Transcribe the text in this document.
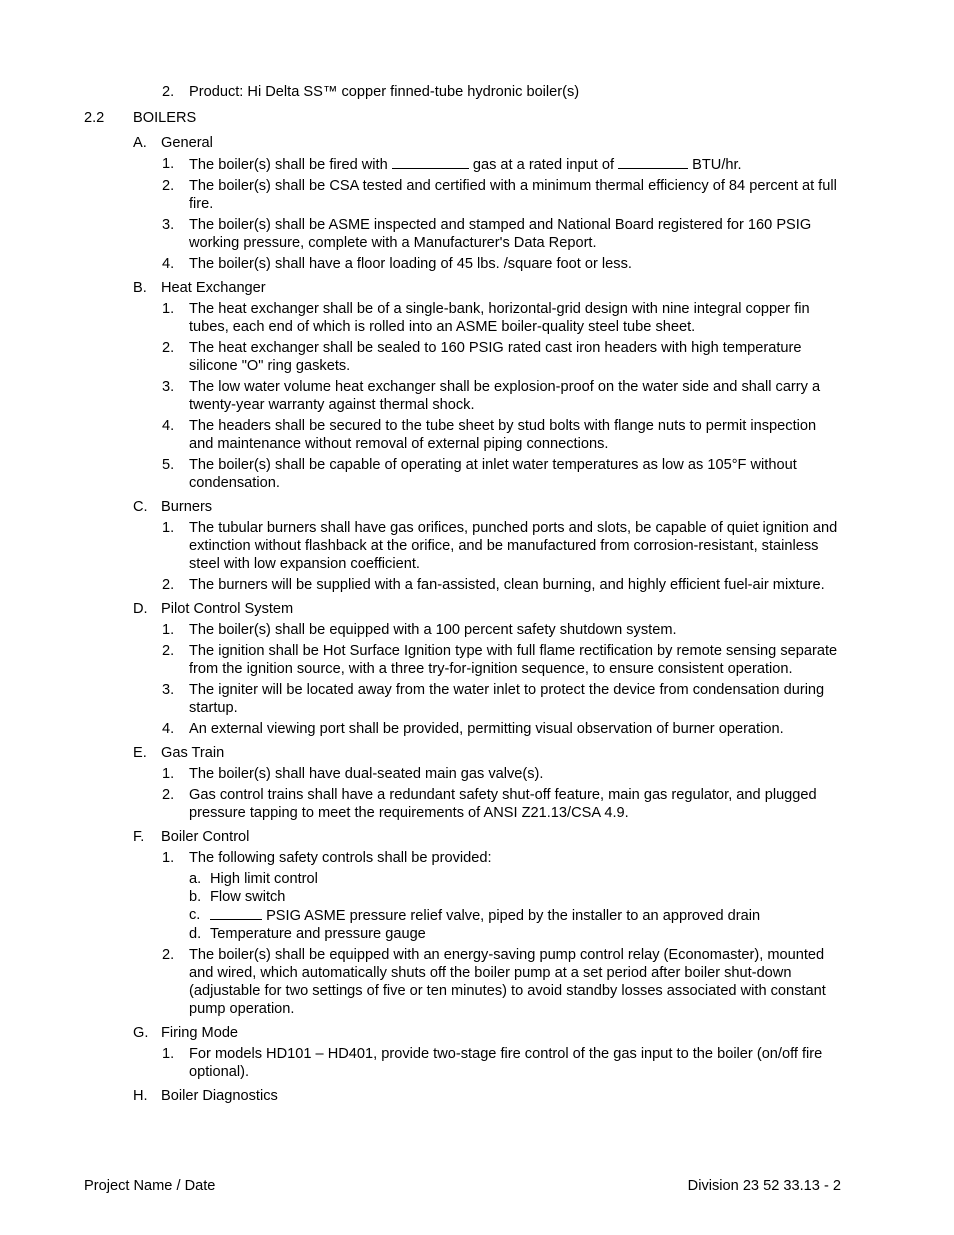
2. Product: Hi Delta SS™ copper finned-tube hydronic boiler(s)
2.2 BOILERS
A. General
1. The boiler(s) shall be fired with	gas at a rated input of	BTU/hr.
2. The boiler(s) shall be CSA tested and certified with a minimum thermal efficiency of 84 percent at full fire.
3. The boiler(s) shall be ASME inspected and stamped and National Board registered for 160 PSIG working pressure, complete with a Manufacturer's Data Report.
4. The boiler(s) shall have a floor loading of 45 lbs. /square foot or less.
B. Heat Exchanger
1. The heat exchanger shall be of a single-bank, horizontal-grid design with nine integral copper fin tubes, each end of which is rolled into an ASME boiler-quality steel tube sheet.
2. The heat exchanger shall be sealed to 160 PSIG rated cast iron headers with high temperature silicone "O" ring gaskets.
3. The low water volume heat exchanger shall be explosion-proof on the water side and shall carry a twenty-year warranty against thermal shock.
4. The headers shall be secured to the tube sheet by stud bolts with flange nuts to permit inspection and maintenance without removal of external piping connections.
5. The boiler(s) shall be capable of operating at inlet water temperatures as low as 105°F without condensation.
C. Burners
1. The tubular burners shall have gas orifices, punched ports and slots, be capable of quiet ignition and extinction without flashback at the orifice, and be manufactured from corrosion-resistant, stainless steel with low expansion coefficient.
2. The burners will be supplied with a fan-assisted, clean burning, and highly efficient fuel-air mixture.
D. Pilot Control System
1. The boiler(s) shall be equipped with a 100 percent safety shutdown system.
2. The ignition shall be Hot Surface Ignition type with full flame rectification by remote sensing separate from the ignition source, with a three try-for-ignition sequence, to ensure consistent operation.
3. The igniter will be located away from the water inlet to protect the device from condensation during startup.
4. An external viewing port shall be provided, permitting visual observation of burner operation.
E. Gas Train
1. The boiler(s) shall have dual-seated main gas valve(s).
2. Gas control trains shall have a redundant safety shut-off feature, main gas regulator, and plugged pressure tapping to meet the requirements of ANSI Z21.13/CSA 4.9.
F. Boiler Control
1. The following safety controls shall be provided:
a. High limit control
b. Flow switch
c.	PSIG ASME pressure relief valve, piped by the installer to an approved drain
d. Temperature and pressure gauge
2. The boiler(s) shall be equipped with an energy-saving pump control relay (Economaster), mounted and wired, which automatically shuts off the boiler pump at a set period after boiler shut-down (adjustable for two settings of five or ten minutes) to avoid standby losses associated with constant pump operation.
G. Firing Mode
1. For models HD101 – HD401, provide two-stage fire control of the gas input to the boiler (on/off fire optional).
H. Boiler Diagnostics
Project Name / Date	Division 23 52 33.13 - 2
